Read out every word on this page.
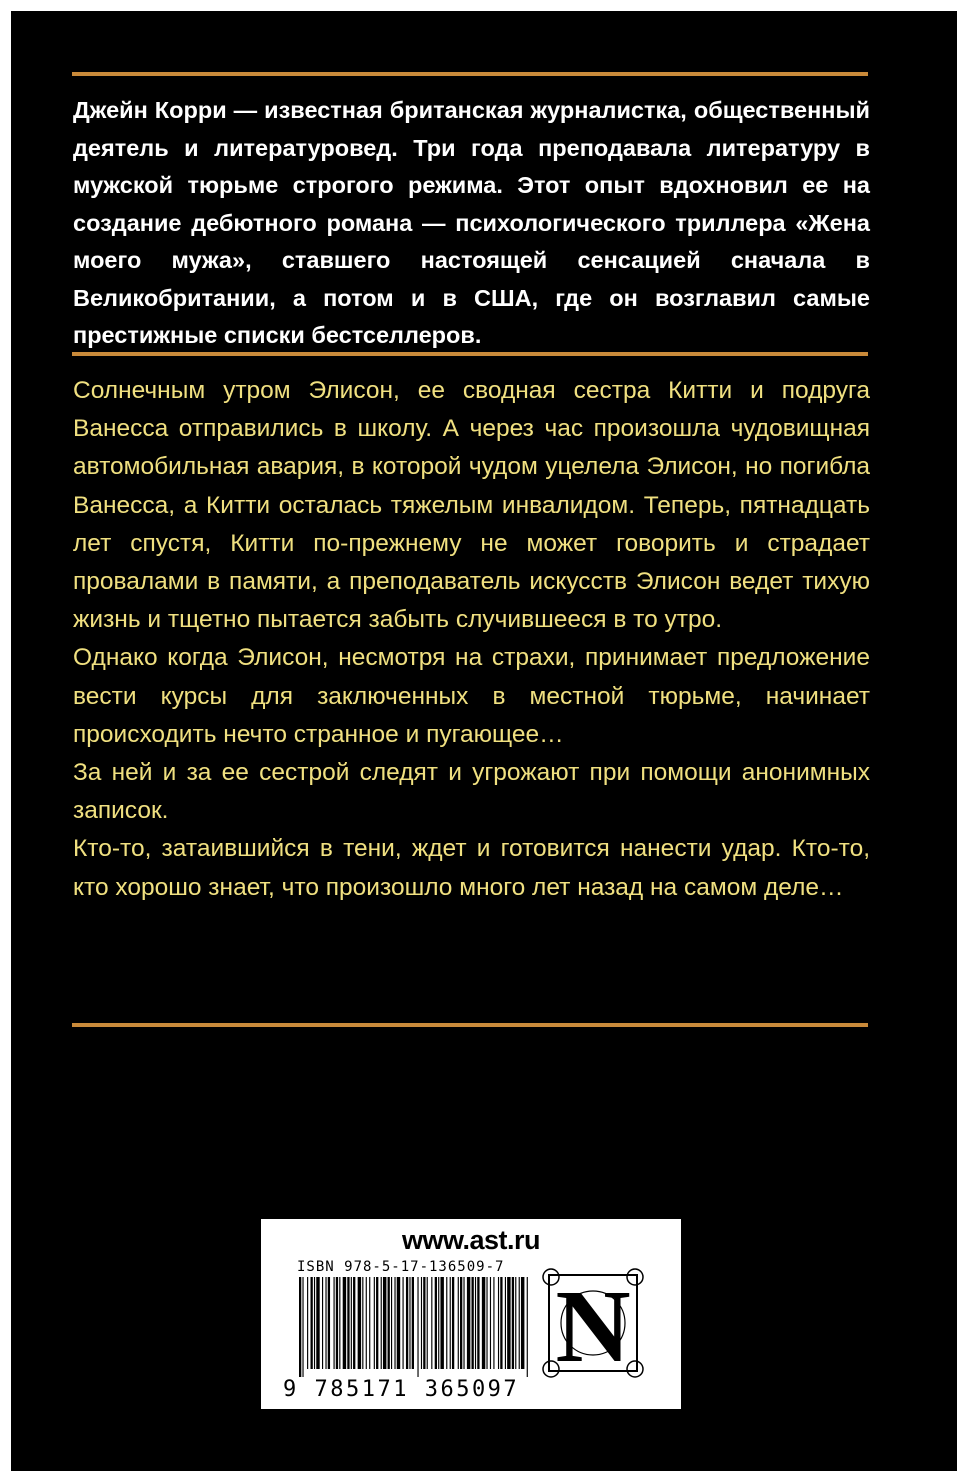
Джейн Корри — известная британская журналистка, общественный деятель и литературовед. Три года преподавала литературу в мужской тюрьме строгого режима. Этот опыт вдохновил ее на создание дебютного романа — психологического триллера «Жена моего мужа», ставшего настоящей сенсацией сначала в Великобритании, а потом и в США, где он возглавил самые престижные списки бестселлеров.

Солнечным утром Элисон, ее сводная сестра Китти и подруга Ванесса отправились в школу. А через час произошла чудовищная автомобильная авария, в которой чудом уцелела Элисон, но погибла Ванесса, а Китти осталась тяжелым инвалидом. Теперь, пятнадцать лет спустя, Китти по-прежнему не может говорить и страдает провалами в памяти, а преподаватель искусств Элисон ведет тихую жизнь и тщетно пытается забыть случившееся в то утро.

Однако когда Элисон, несмотря на страхи, принимает предложение вести курсы для заключенных в местной тюрьме, начинает происходить нечто странное и пугающее…

За ней и за ее сестрой следят и угрожают при помощи анонимных записок.

Кто-то, затаившийся в тени, ждет и готовится нанести удар. Кто-то, кто хорошо знает, что произошло много лет назад на самом деле…

www.ast.ru
ISBN 978-5-17-136509-7
9 785171 365097
N
